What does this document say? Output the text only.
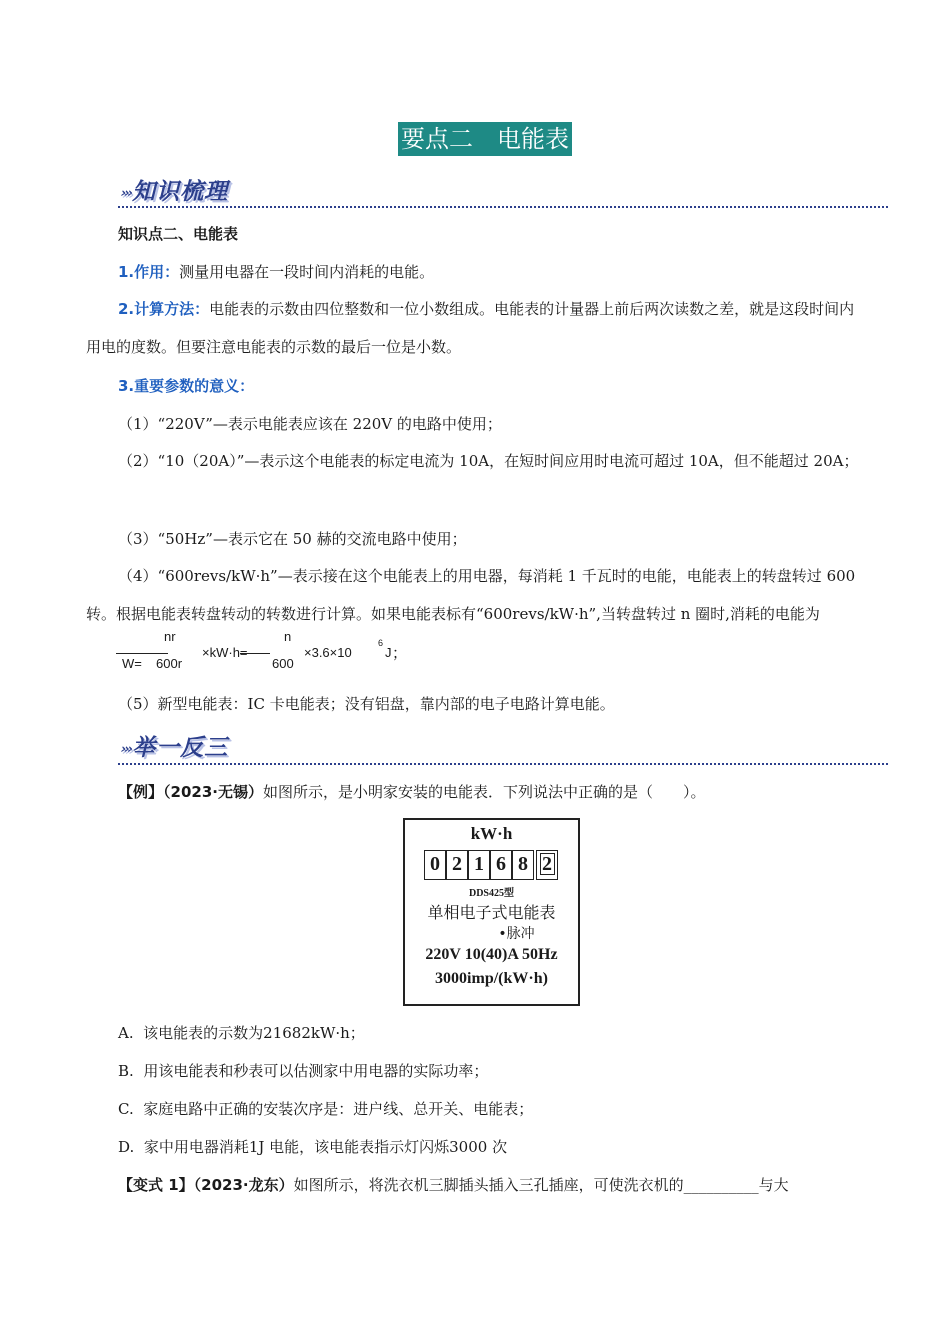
要点二　电能表
››› 知识梳理
知识点二、电能表
1.作用：测量用电器在一段时间内消耗的电能。
2.计算方法：电能表的示数由四位整数和一位小数组成。电能表的计量器上前后两次读数之差，就是这段时间内用电的度数。但要注意电能表的示数的最后一位是小数。
3.重要参数的意义：
（1）“220V”—表示电能表应该在 220V 的电路中使用；
（2）“10（20A）”—表示这个电能表的标定电流为 10A，在短时间应用时电流可超过 10A，但不能超过 20A；
（3）“50Hz”—表示它在 50 赫的交流电路中使用；
（4）“600revs/kW·h”—表示接在这个电能表上的用电器，每消耗 1 千瓦时的电能，电能表上的转盘转过 600 转。根据电能表转盘转动的转数进行计算。如果电能表标有“600revs/kW·h”,当转盘转过 n 圈时,消耗的电能为
W=
nr
600r
×kW·h=
n
600
×3.6×10
6
J ；
（5）新型电能表：IC 卡电能表；没有铝盘，靠内部的电子电路计算电能。
››› 举一反三
【例】（2023·无锡）如图所示，是小明家安装的电能表．下列说法中正确的是（　　）。
kW·h
0 2 1 6 8 2
DDS425型
单相电子式电能表
•脉冲
220V 10(40)A 50Hz
3000imp/(kW·h)
A. 该电能表的示数为21682kW·h；
B. 用该电能表和秒表可以估测家中用电器的实际功率；
C. 家庭电路中正确的安装次序是：进户线、总开关、电能表；
D. 家中用电器消耗1J 电能，该电能表指示灯闪烁3000 次
【变式 1】（2023·龙东）如图所示，将洗衣机三脚插头插入三孔插座，可使洗衣机的__________与大
